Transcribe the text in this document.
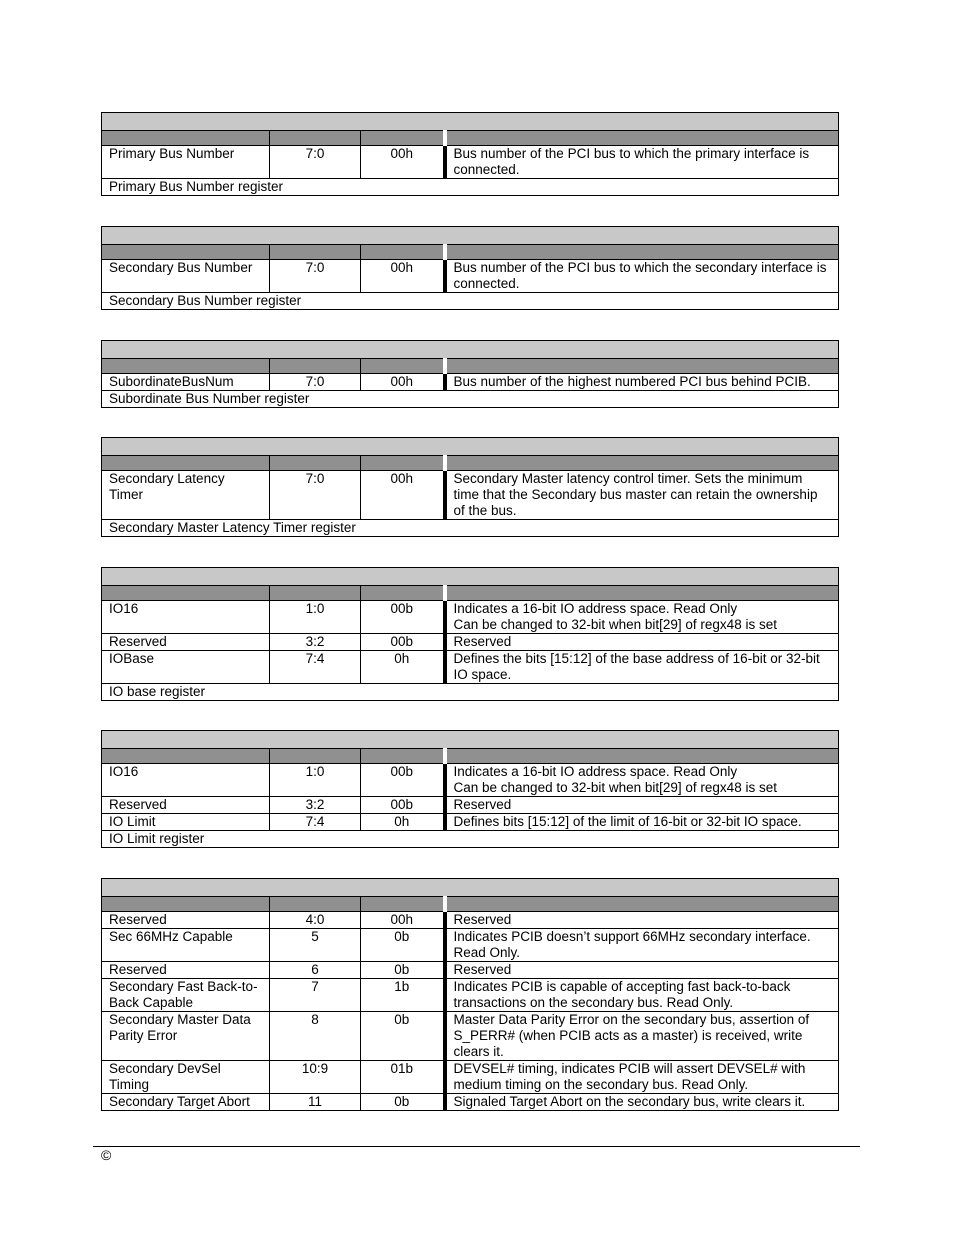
Primary Bus Number	7:0	00h	Bus number of the PCI bus to which the primary interface is connected.

Primary Bus Number register			

Secondary Bus Number	7:0	00h	Bus number of the PCI bus to which the secondary interface is connected.

Secondary Bus Number register			

SubordinateBusNum	7:0	00h	Bus number of the highest numbered PCI bus behind PCIB.

Subordinate Bus Number register			

Secondary Latency Timer	7:0	00h	Secondary Master latency control timer. Sets the minimum time that the Secondary bus master can retain the ownership of the bus.

Secondary Master Latency Timer register			

IO16	1:0	00b	Indicates a 16-bit IO address space. Read Only
Can be changed to 32-bit when bit[29] of regx48 is set

Reserved	3:2	00b	Reserved

IOBase	7:4	0h	Defines the bits [15:12] of the base address of 16-bit or 32-bit IO space.

IO base register			

IO16	1:0	00b	Indicates a 16-bit IO address space. Read Only
Can be changed to 32-bit when bit[29] of regx48 is set

Reserved	3:2	00b	Reserved

IO Limit	7:4	0h	Defines bits [15:12] of the limit of 16-bit or 32-bit IO space.

IO Limit register			

Reserved	4:0	00h	Reserved

Sec 66MHz Capable	5	0b	Indicates PCIB doesn’t support 66MHz secondary interface. Read Only.

Reserved	6	0b	Reserved

Secondary Fast Back-to-Back Capable	7	1b	Indicates PCIB is capable of accepting fast back-to-back transactions on the secondary bus. Read Only.

Secondary Master Data Parity Error	8	0b	Master Data Parity Error on the secondary bus, assertion of S_PERR# (when PCIB acts as a master) is received, write clears it.

Secondary DevSel Timing	10:9	01b	DEVSEL# timing, indicates PCIB will assert DEVSEL# with medium timing on the secondary bus. Read Only.

Secondary Target Abort	11	0b	Signaled Target Abort on the secondary bus, write clears it.
©
